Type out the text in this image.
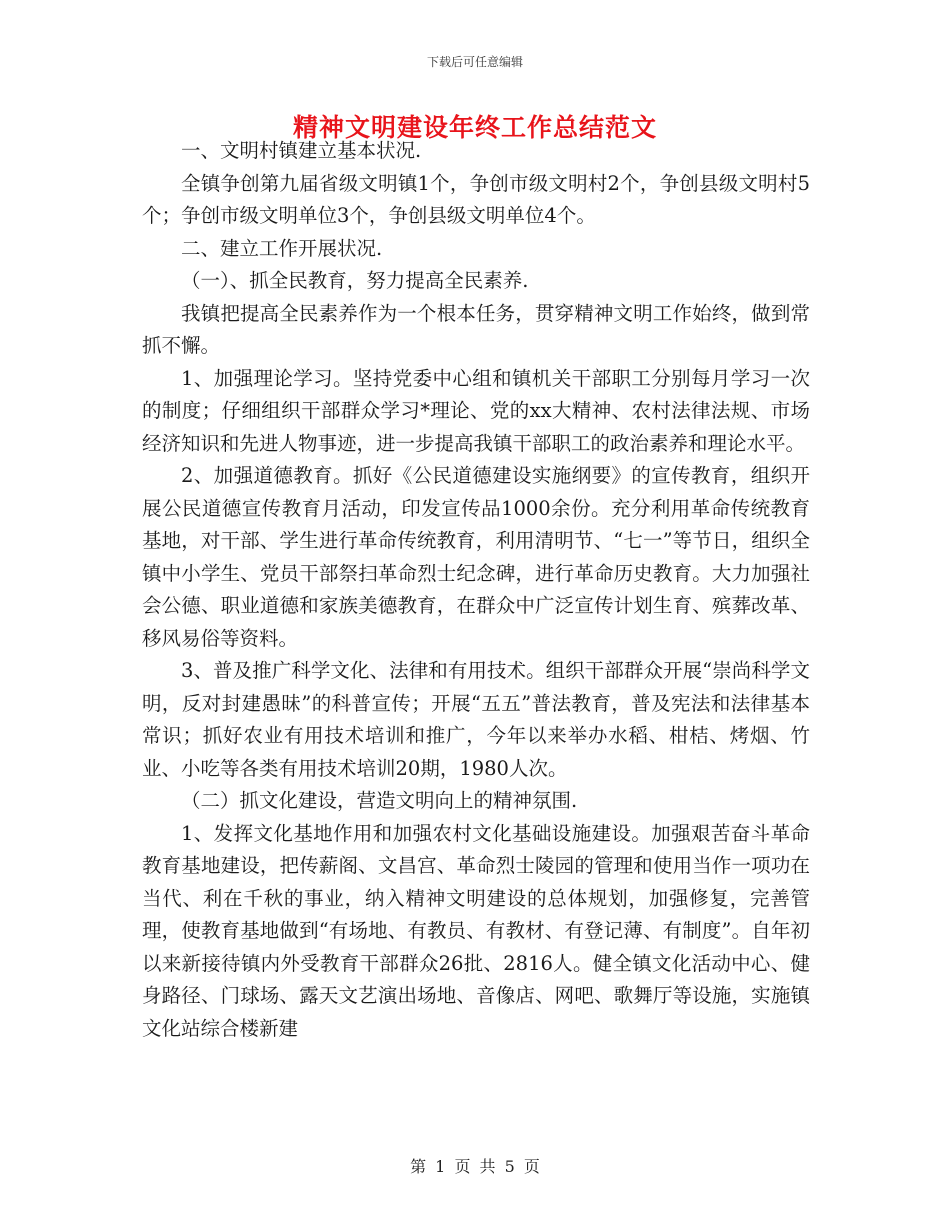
下载后可任意编辑
精神文明建设年终工作总结范文

一、文明村镇建立基本状况.

全镇争创第九届省级文明镇1个，争创市级文明村2个，争创县级文明村5个；争创市级文明单位3个，争创县级文明单位4个。

二、建立工作开展状况.

（一）、抓全民教育，努力提高全民素养.

我镇把提高全民素养作为一个根本任务，贯穿精神文明工作始终，做到常抓不懈。

1、加强理论学习。坚持党委中心组和镇机关干部职工分别每月学习一次的制度；仔细组织干部群众学习*理论、党的xx大精神、农村法律法规、市场经济知识和先进人物事迹，进一步提高我镇干部职工的政治素养和理论水平。

2、加强道德教育。抓好《公民道德建设实施纲要》的宣传教育，组织开展公民道德宣传教育月活动，印发宣传品1000余份。充分利用革命传统教育基地，对干部、学生进行革命传统教育，利用清明节、“七一”等节日，组织全镇中小学生、党员干部祭扫革命烈士纪念碑，进行革命历史教育。大力加强社会公德、职业道德和家族美德教育，在群众中广泛宣传计划生育、殡葬改革、移风易俗等资料。

3、普及推广科学文化、法律和有用技术。组织干部群众开展“崇尚科学文明，反对封建愚昧”的科普宣传；开展“五五”普法教育，普及宪法和法律基本常识；抓好农业有用技术培训和推广，今年以来举办水稻、柑桔、烤烟、竹业、小吃等各类有用技术培训20期，1980人次。

（二）抓文化建设，营造文明向上的精神氛围.

1、发挥文化基地作用和加强农村文化基础设施建设。加强艰苦奋斗革命教育基地建设，把传薪阁、文昌宫、革命烈士陵园的管理和使用当作一项功在当代、利在千秋的事业，纳入精神文明建设的总体规划，加强修复，完善管理，使教育基地做到“有场地、有教员、有教材、有登记薄、有制度”。自年初以来新接待镇内外受教育干部群众26批、2816人。健全镇文化活动中心、健身路径、门球场、露天文艺演出场地、音像店、网吧、歌舞厅等设施，实施镇文化站综合楼新建

第 1 页 共 5 页
